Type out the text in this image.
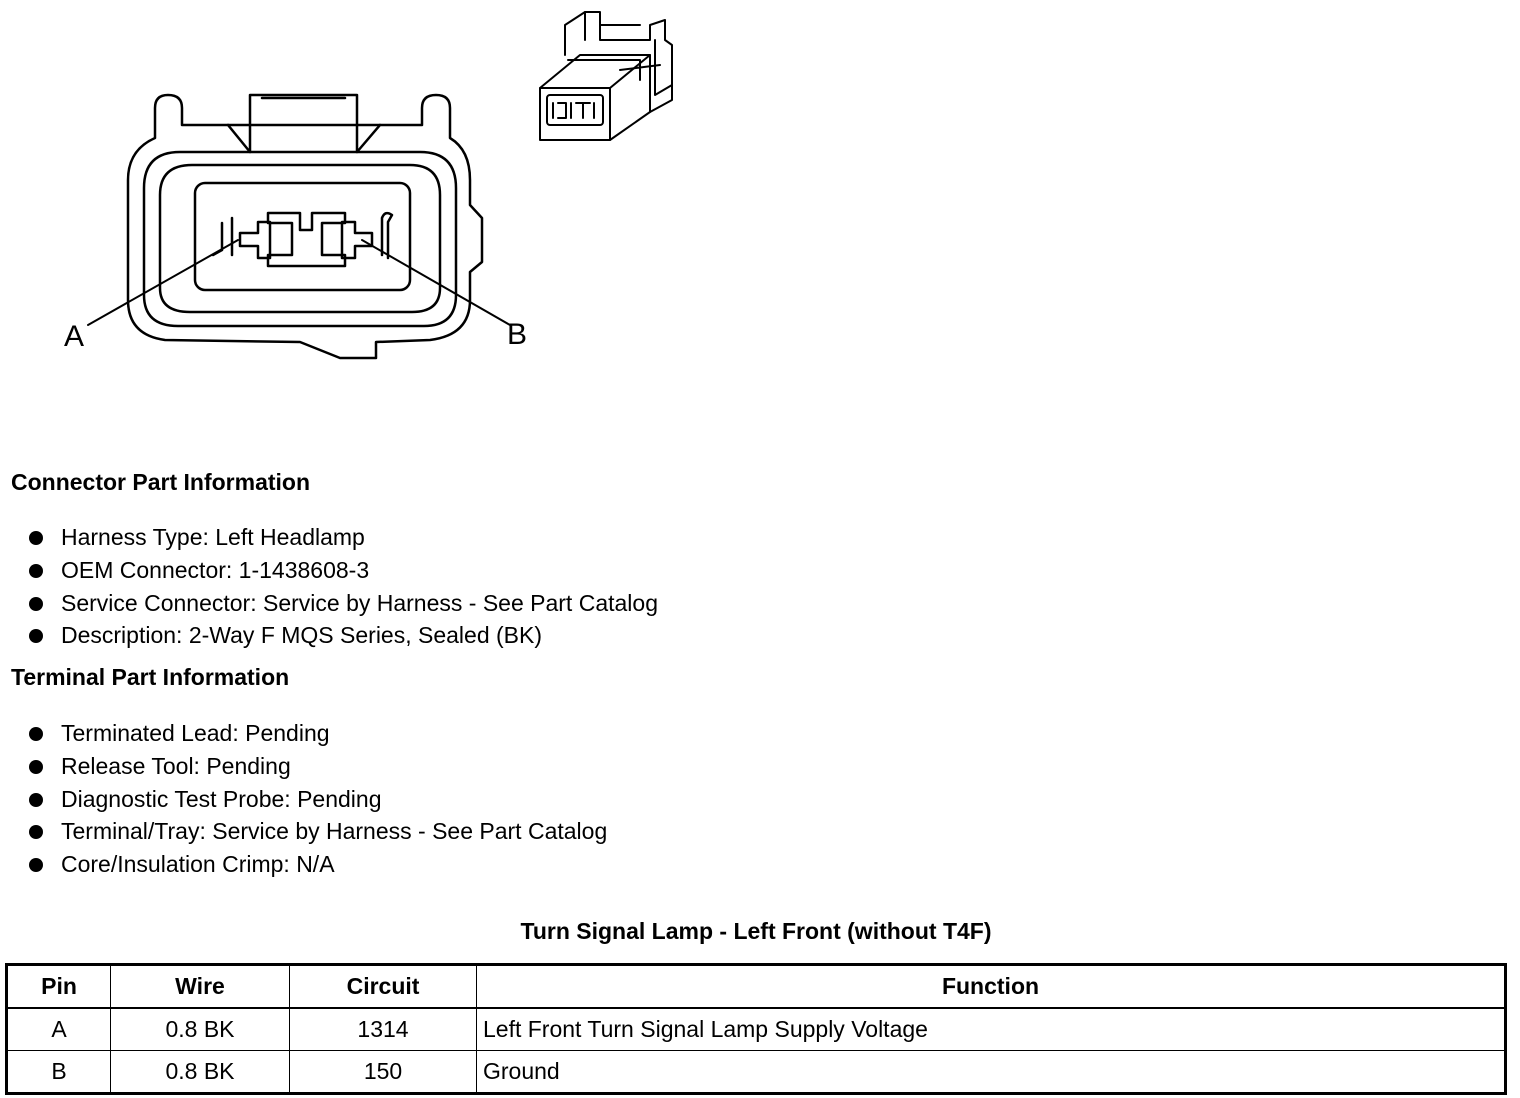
A	B
Connector Part Information
Harness Type: Left Headlamp
OEM Connector: 1-1438608-3
Service Connector: Service by Harness - See Part Catalog
Description: 2-Way F MQS Series, Sealed (BK)
Terminal Part Information
Terminated Lead: Pending
Release Tool: Pending
Diagnostic Test Probe: Pending
Terminal/Tray: Service by Harness - See Part Catalog
Core/Insulation Crimp: N/A
Turn Signal Lamp - Left Front (without T4F)
Pin	Wire	Circuit	Function
A	0.8 BK	1314	Left Front Turn Signal Lamp Supply Voltage
B	0.8 BK	150	Ground
